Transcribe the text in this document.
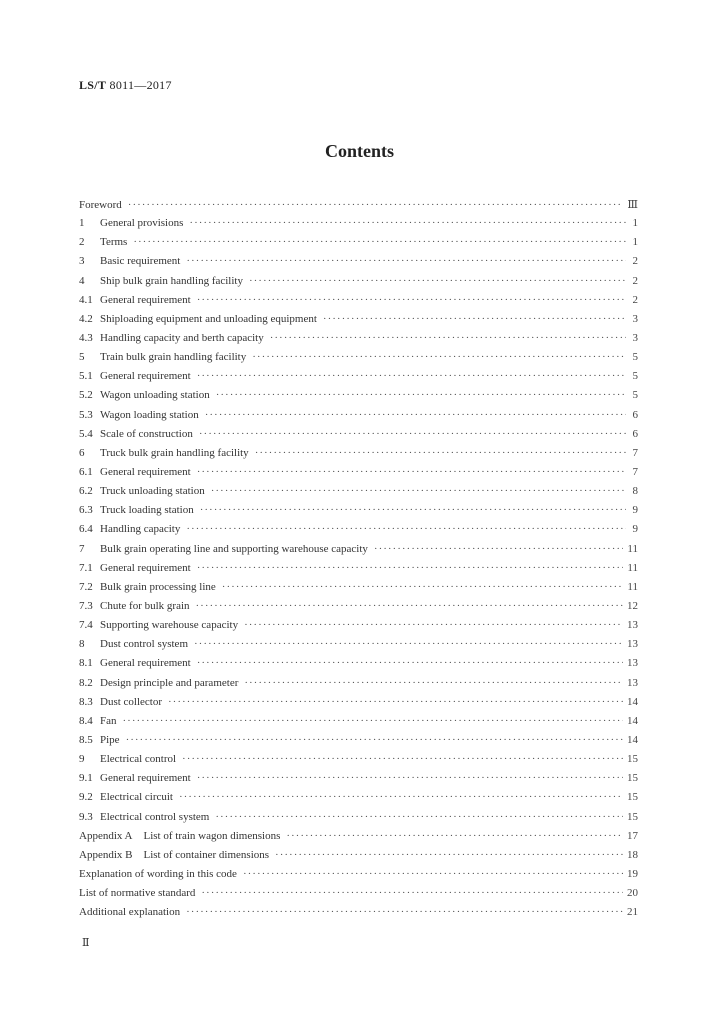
LS/T 8011—2017
Contents
Foreword ·····	Ⅲ
1	General provisions ·····	1
2	Terms ·····	1
3	Basic requirement ·····	2
4	Ship bulk grain handling facility ·····	2
4.1 General requirement ·····	2
4.2 Shiploading equipment and unloading equipment ·····	3
4.3 Handling capacity and berth capacity ·····	3
5	Train bulk grain handling facility ·····	5
5.1 General requirement ·····	5
5.2 Wagon unloading station ·····	5
5.3 Wagon loading station ·····	6
5.4 Scale of construction ·····	6
6	Truck bulk grain handling facility ·····	7
6.1 General requirement ·····	7
6.2 Truck unloading station ·····	8
6.3 Truck loading station ·····	9
6.4 Handling capacity ·····	9
7	Bulk grain operating line and supporting warehouse capacity ·····	11
7.1 General requirement ·····	11
7.2 Bulk grain processing line ·····	11
7.3 Chute for bulk grain ·····	12
7.4 Supporting warehouse capacity ·····	13
8	Dust control system ·····	13
8.1 General requirement ·····	13
8.2 Design principle and parameter ·····	13
8.3 Dust collector ·····	14
8.4 Fan ·····	14
8.5 Pipe ·····	14
9	Electrical control ·····	15
9.1 General requirement ·····	15
9.2 Electrical circuit ·····	15
9.3 Electrical control system ·····	15
Appendix A List of train wagon dimensions ·····	17
Appendix B List of container dimensions ·····	18
Explanation of wording in this code ·····	19
List of normative standard ·····	20
Additional explanation ·····	21
Ⅱ
